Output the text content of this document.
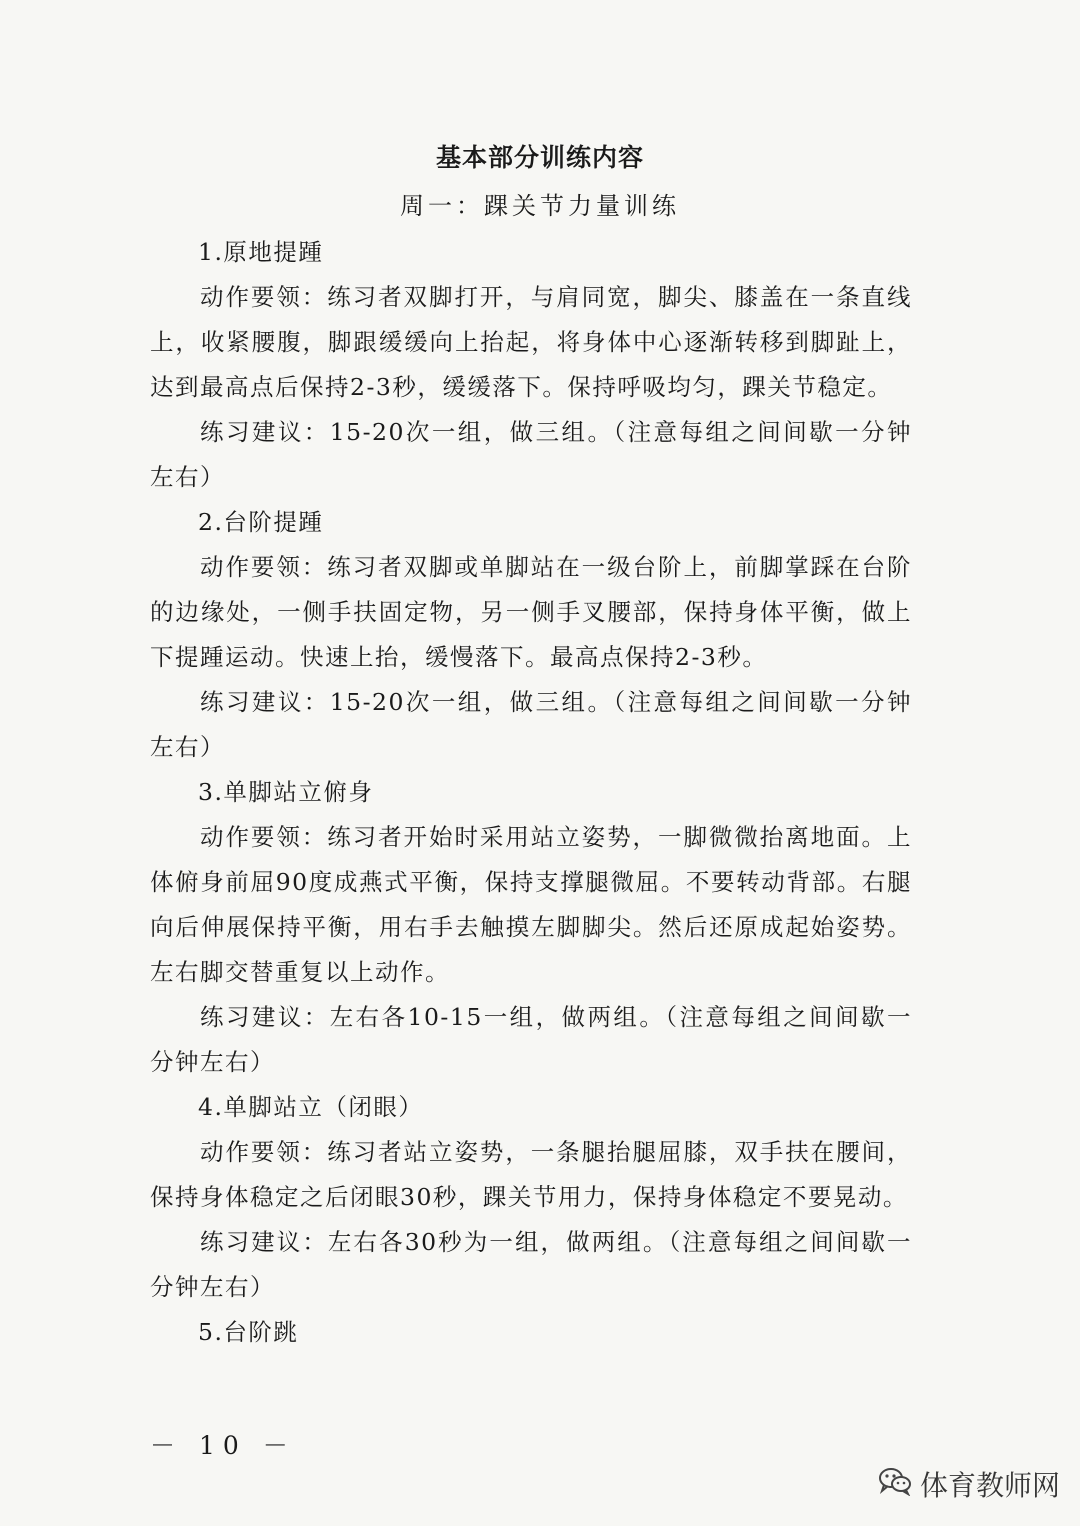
基本部分训练内容
周一：踝关节力量训练

1.原地提踵

动作要领：练习者双脚打开，与肩同宽，脚尖、膝盖在一条直线上，收紧腰腹，脚跟缓缓向上抬起，将身体中心逐渐转移到脚趾上，达到最高点后保持2-3秒，缓缓落下。保持呼吸均匀，踝关节稳定。

练习建议：15-20次一组，做三组。（注意每组之间间歇一分钟左右）

2.台阶提踵

动作要领：练习者双脚或单脚站在一级台阶上，前脚掌踩在台阶的边缘处，一侧手扶固定物，另一侧手叉腰部，保持身体平衡，做上下提踵运动。快速上抬，缓慢落下。最高点保持2-3秒。

练习建议：15-20次一组，做三组。（注意每组之间间歇一分钟左右）

3.单脚站立俯身

动作要领：练习者开始时采用站立姿势，一脚微微抬离地面。上体俯身前屈90度成燕式平衡，保持支撑腿微屈。不要转动背部。右腿向后伸展保持平衡，用右手去触摸左脚脚尖。然后还原成起始姿势。左右脚交替重复以上动作。

练习建议：左右各10-15一组，做两组。（注意每组之间间歇一分钟左右）

4.单脚站立（闭眼）

动作要领：练习者站立姿势，一条腿抬腿屈膝，双手扶在腰间，保持身体稳定之后闭眼30秒，踝关节用力，保持身体稳定不要晃动。

练习建议：左右各30秒为一组，做两组。（注意每组之间间歇一分钟左右）

5.台阶跳

－ 10 －
体育教师网
